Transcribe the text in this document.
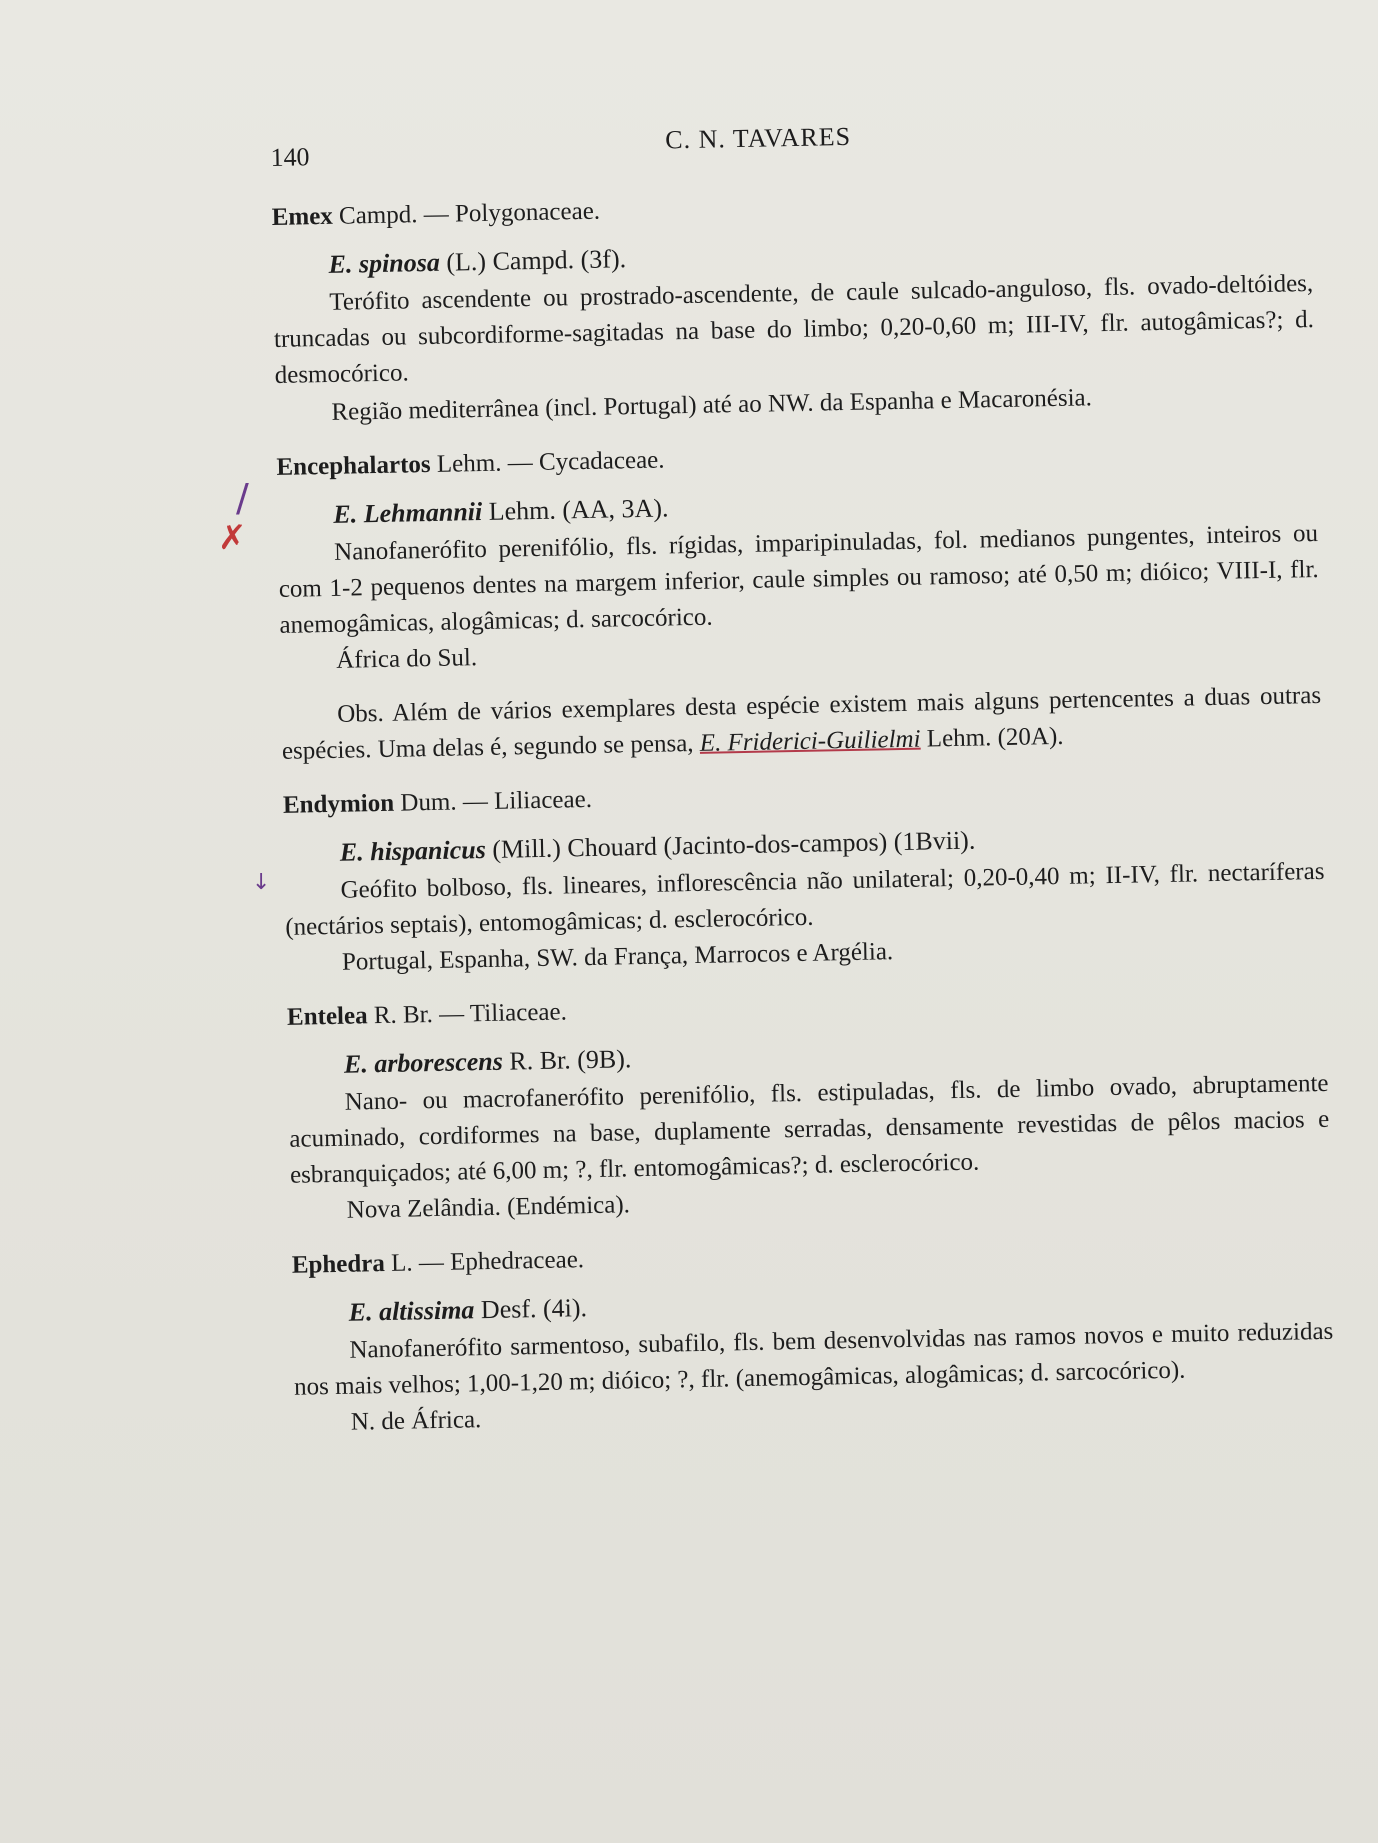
✗
/
↓
140
C. N. TAVARES
Emex Campd. — Polygonaceae.
E. spinosa (L.) Campd. (3f).

Terófito ascendente ou prostrado-ascendente, de caule sulcado-anguloso, fls. ovado-deltóides, truncadas ou subcordiforme-sagitadas na base do limbo; 0,20-0,60 m; III-IV, flr. autogâmicas?; d. desmocórico.

Região mediterrânea (incl. Portugal) até ao NW. da Espanha e Macaronésia.

Encephalartos Lehm. — Cycadaceae.
E. Lehmannii Lehm. (AA, 3A).

Nanofanerófito perenifólio, fls. rígidas, imparipinuladas, fol. medianos pungentes, inteiros ou com 1-2 pequenos dentes na margem inferior, caule simples ou ramoso; até 0,50 m; dióico; VIII-I, flr. anemogâmicas, alogâmicas; d. sarcocórico.

África do Sul.

Obs. Além de vários exemplares desta espécie existem mais alguns pertencentes a duas outras espécies. Uma delas é, segundo se pensa, E. Friderici-Guilielmi Lehm. (20A).

Endymion Dum. — Liliaceae.
E. hispanicus (Mill.) Chouard (Jacinto-dos-campos) (1Bvii).

Geófito bolboso, fls. lineares, inflorescência não unilateral; 0,20-0,40 m; II-IV, flr. nectaríferas (nectários septais), entomogâmicas; d. esclerocórico.

Portugal, Espanha, SW. da França, Marrocos e Argélia.

Entelea R. Br. — Tiliaceae.
E. arborescens R. Br. (9B).

Nano- ou macrofanerófito perenifólio, fls. estipuladas, fls. de limbo ovado, abruptamente acuminado, cordiformes na base, duplamente serradas, densamente revestidas de pêlos macios e esbranquiçados; até 6,00 m; ?, flr. entomogâmicas?; d. esclerocórico.

Nova Zelândia. (Endémica).

Ephedra L. — Ephedraceae.
E. altissima Desf. (4i).

Nanofanerófito sarmentoso, subafilo, fls. bem desenvolvidas nas ramos novos e muito reduzidas nos mais velhos; 1,00-1,20 m; dióico; ?, flr. (anemogâmicas, alogâmicas; d. sarcocórico).

N. de África.
